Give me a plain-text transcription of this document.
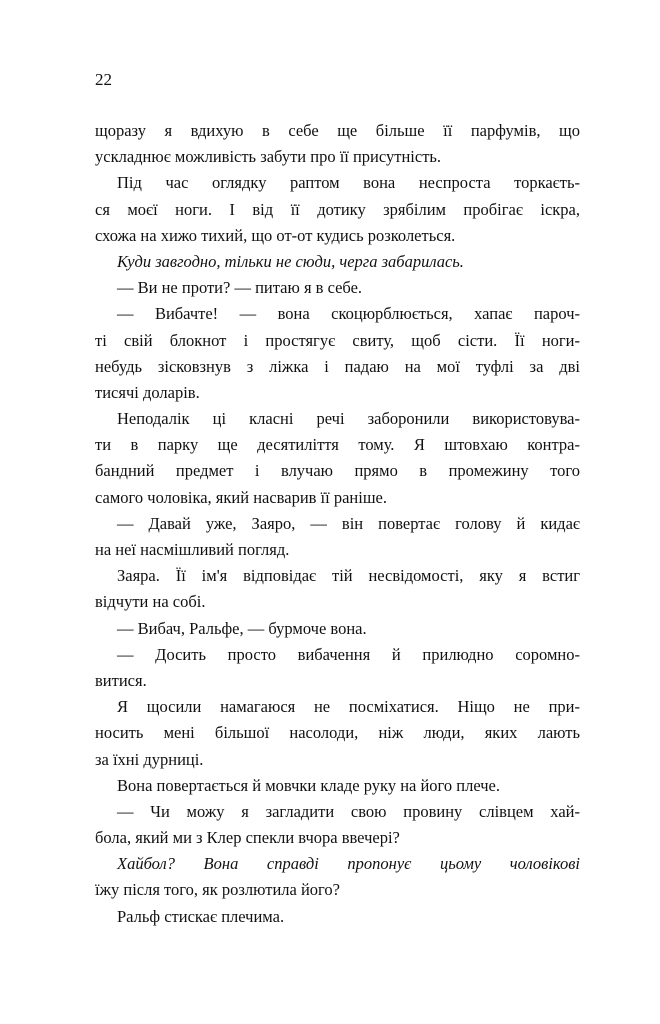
22
щоразу я вдихую в себе ще більше її парфумів, що
ускладнює можливість забути про її присутність.
Під час оглядку раптом вона неспроста торкаєть-
ся моєї ноги. І від її дотику зрябілим пробігає іскра,
схожа на хижо тихий, що от-от кудись розколеться.
Куди завгодно, тільки не сюди, черга забарилась.
— Ви не проти? — питаю я в себе.
— Вибачте! — вона скоцюрблюється, хапає пароч-
ті свій блокнот і простягує свиту, щоб сісти. Її ноги-
небудь зісковзнув з ліжка і падаю на мої туфлі за дві
тисячі доларів.
Неподалік ці класні речі заборонили використовува-
ти в парку ще десятиліття тому. Я штовхаю контра-
бандний предмет і влучаю прямо в промежину того
самого чоловіка, який насварив її раніше.
— Давай уже, Заяро, — він повертає голову й кидає
на неї насмішливий погляд.
Заяра. Її ім'я відповідає тій несвідомості, яку я встиг
відчути на собі.
— Вибач, Ральфе, — бурмоче вона.
— Досить просто вибачення й прилюдно соромно-
витися.
Я щосили намагаюся не посміхатися. Ніщо не при-
носить мені більшої насолоди, ніж люди, яких лають
за їхні дурниці.
Вона повертається й мовчки кладе руку на його плече.
— Чи можу я загладити свою провину слівцем хай-
бола, який ми з Клер спекли вчора ввечері?
Хайбол? Вона справді пропонує цьому чоловікові
їжу після того, як розлютила його?
Ральф стискає плечима.
